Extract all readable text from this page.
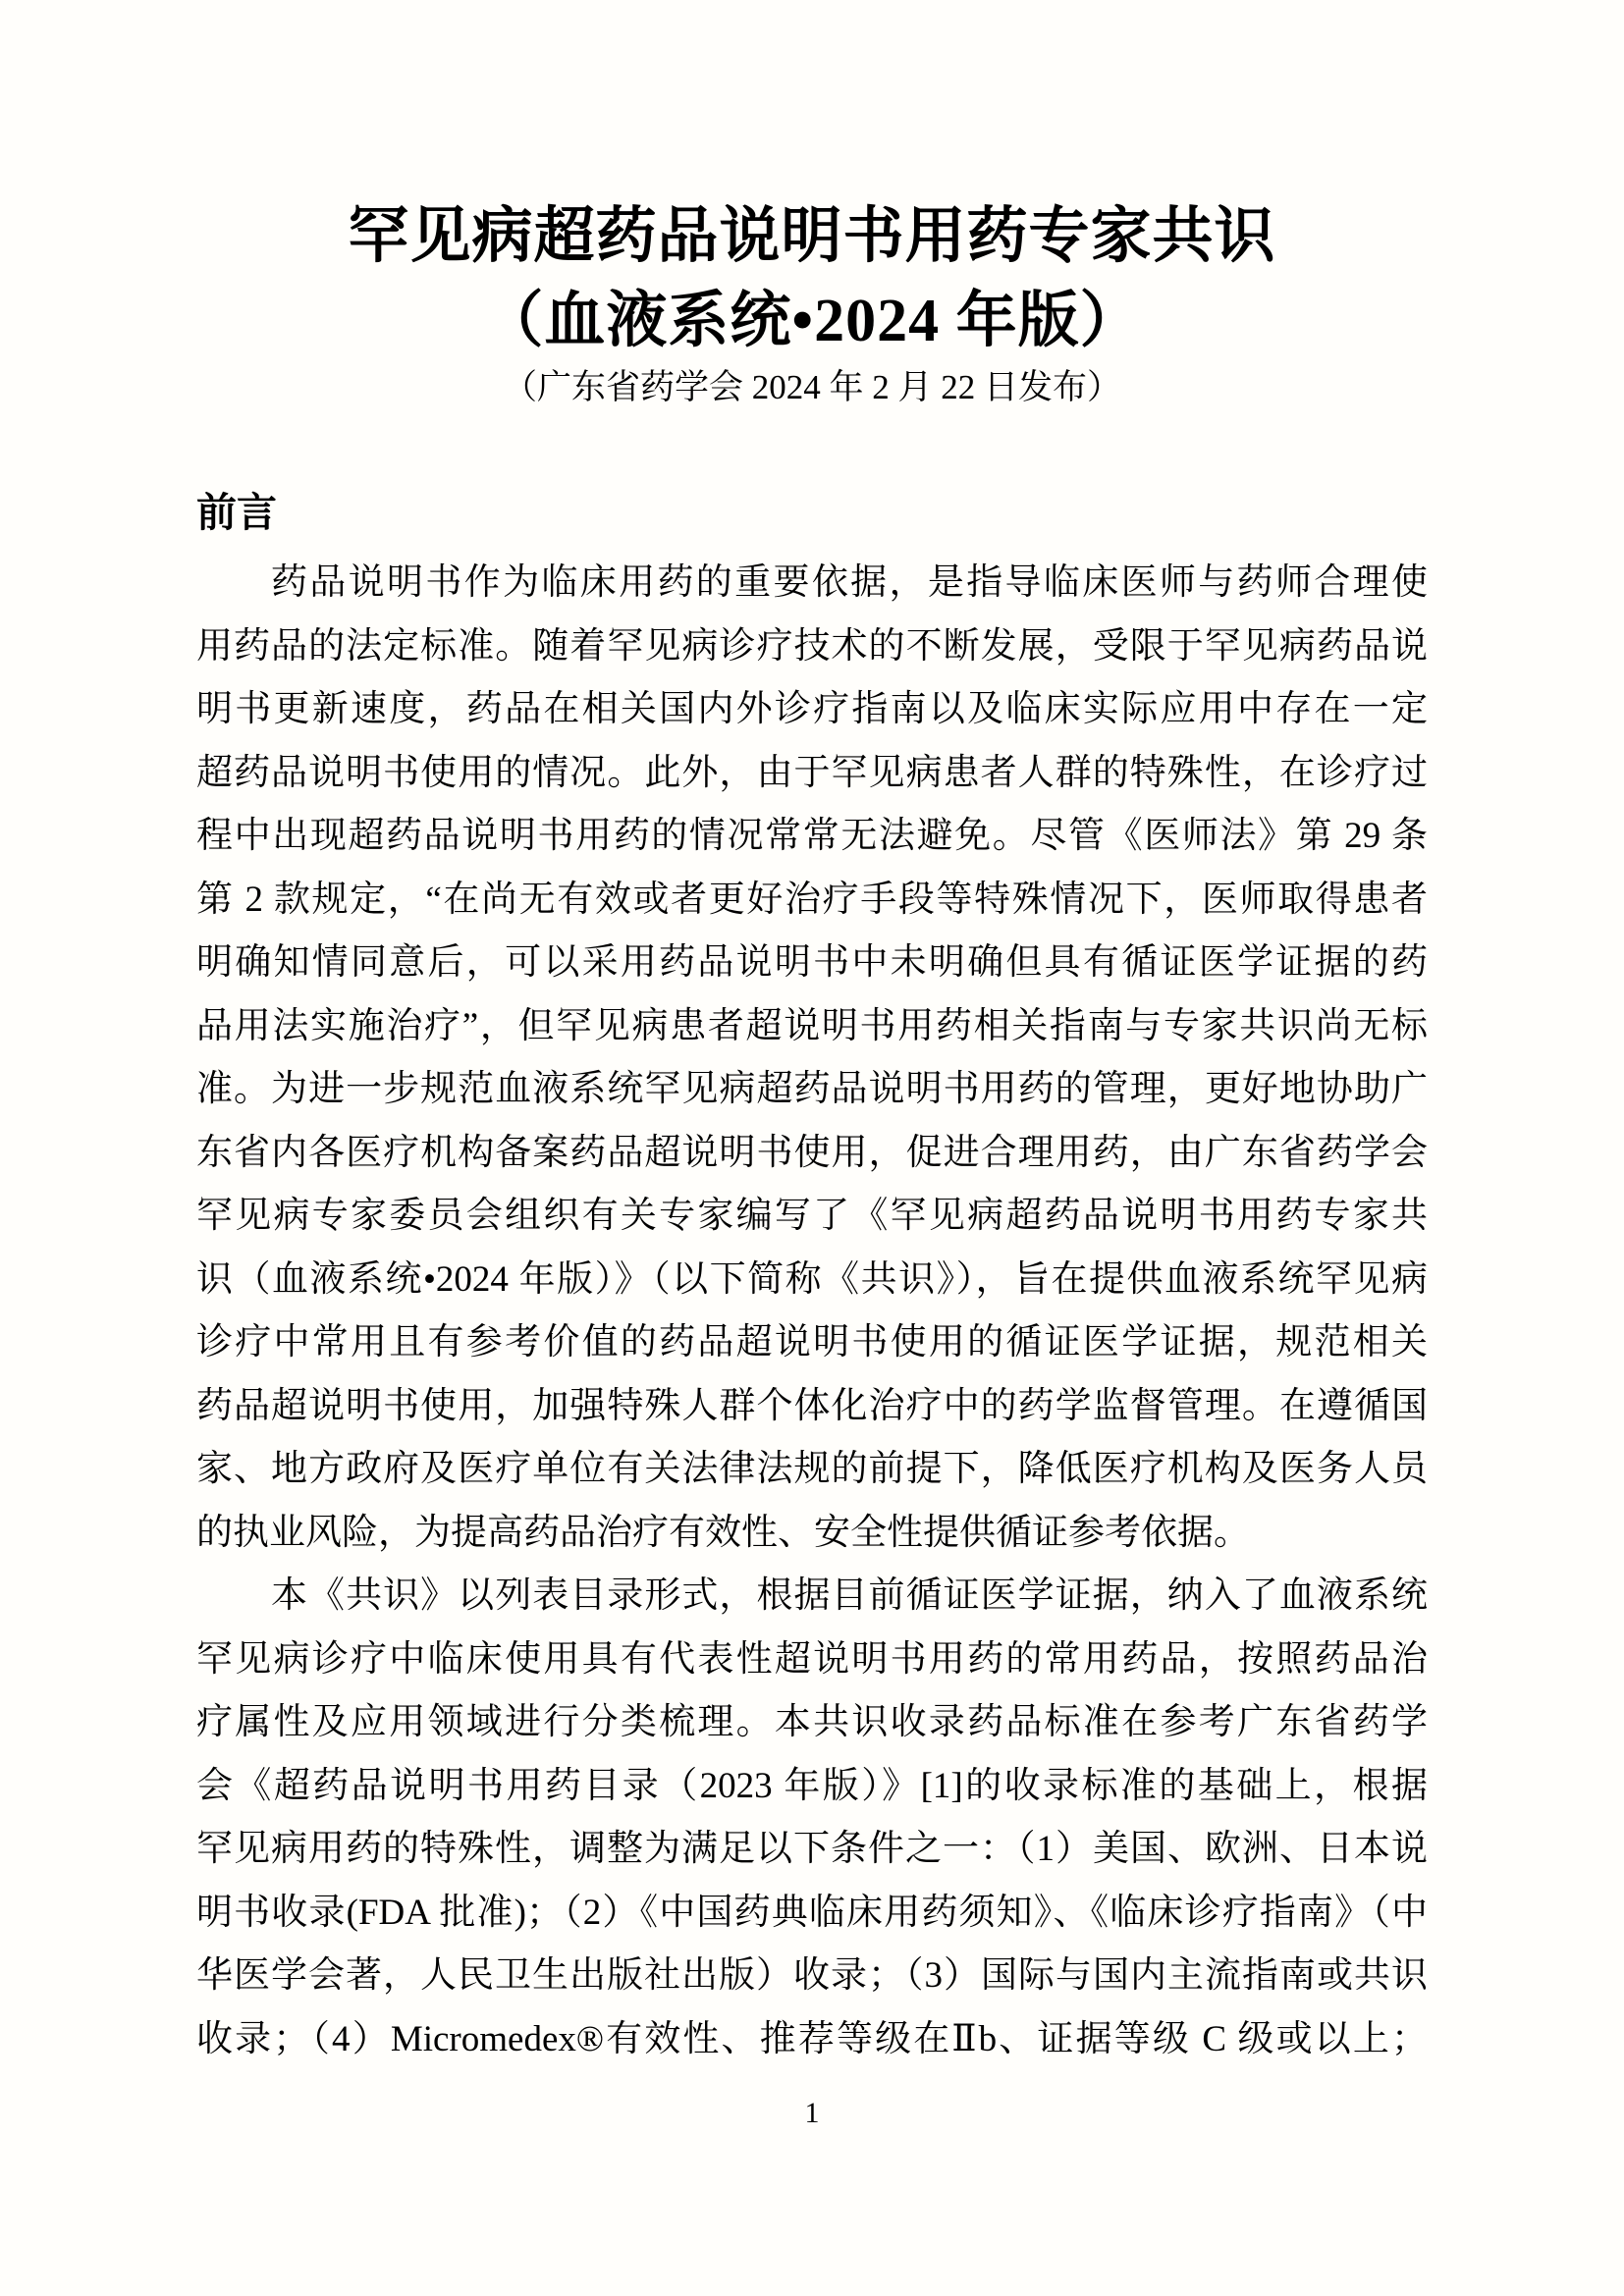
罕见病超药品说明书用药专家共识
（血液系统•2024 年版）
（广东省药学会 2024 年 2 月 22 日发布）
前言
药品说明书作为临床用药的重要依据，是指导临床医师与药师合理使
用药品的法定标准。随着罕见病诊疗技术的不断发展，受限于罕见病药品说
明书更新速度，药品在相关国内外诊疗指南以及临床实际应用中存在一定
超药品说明书使用的情况。此外，由于罕见病患者人群的特殊性，在诊疗过
程中出现超药品说明书用药的情况常常无法避免。尽管《医师法》第 29 条
第 2 款规定，“在尚无有效或者更好治疗手段等特殊情况下，医师取得患者
明确知情同意后，可以采用药品说明书中未明确但具有循证医学证据的药
品用法实施治疗”，但罕见病患者超说明书用药相关指南与专家共识尚无标
准。为进一步规范血液系统罕见病超药品说明书用药的管理，更好地协助广
东省内各医疗机构备案药品超说明书使用，促进合理用药，由广东省药学会
罕见病专家委员会组织有关专家编写了《罕见病超药品说明书用药专家共
识（血液系统•2024 年版）》（以下简称《共识》），旨在提供血液系统罕见病
诊疗中常用且有参考价值的药品超说明书使用的循证医学证据，规范相关
药品超说明书使用，加强特殊人群个体化治疗中的药学监督管理。在遵循国
家、地方政府及医疗单位有关法律法规的前提下，降低医疗机构及医务人员
的执业风险，为提高药品治疗有效性、安全性提供循证参考依据。
本《共识》以列表目录形式，根据目前循证医学证据，纳入了血液系统
罕见病诊疗中临床使用具有代表性超说明书用药的常用药品，按照药品治
疗属性及应用领域进行分类梳理。本共识收录药品标准在参考广东省药学
会《超药品说明书用药目录（2023 年版）》[1]的收录标准的基础上，根据
罕见病用药的特殊性，调整为满足以下条件之一：（1）美国、欧洲、日本说
明书收录(FDA 批准)；（2）《中国药典临床用药须知》、《临床诊疗指南》（中
华医学会著，人民卫生出版社出版）收录；（3）国际与国内主流指南或共识
收录；（4）Micromedex®有效性、推荐等级在Ⅱb、证据等级 C 级或以上；
1
